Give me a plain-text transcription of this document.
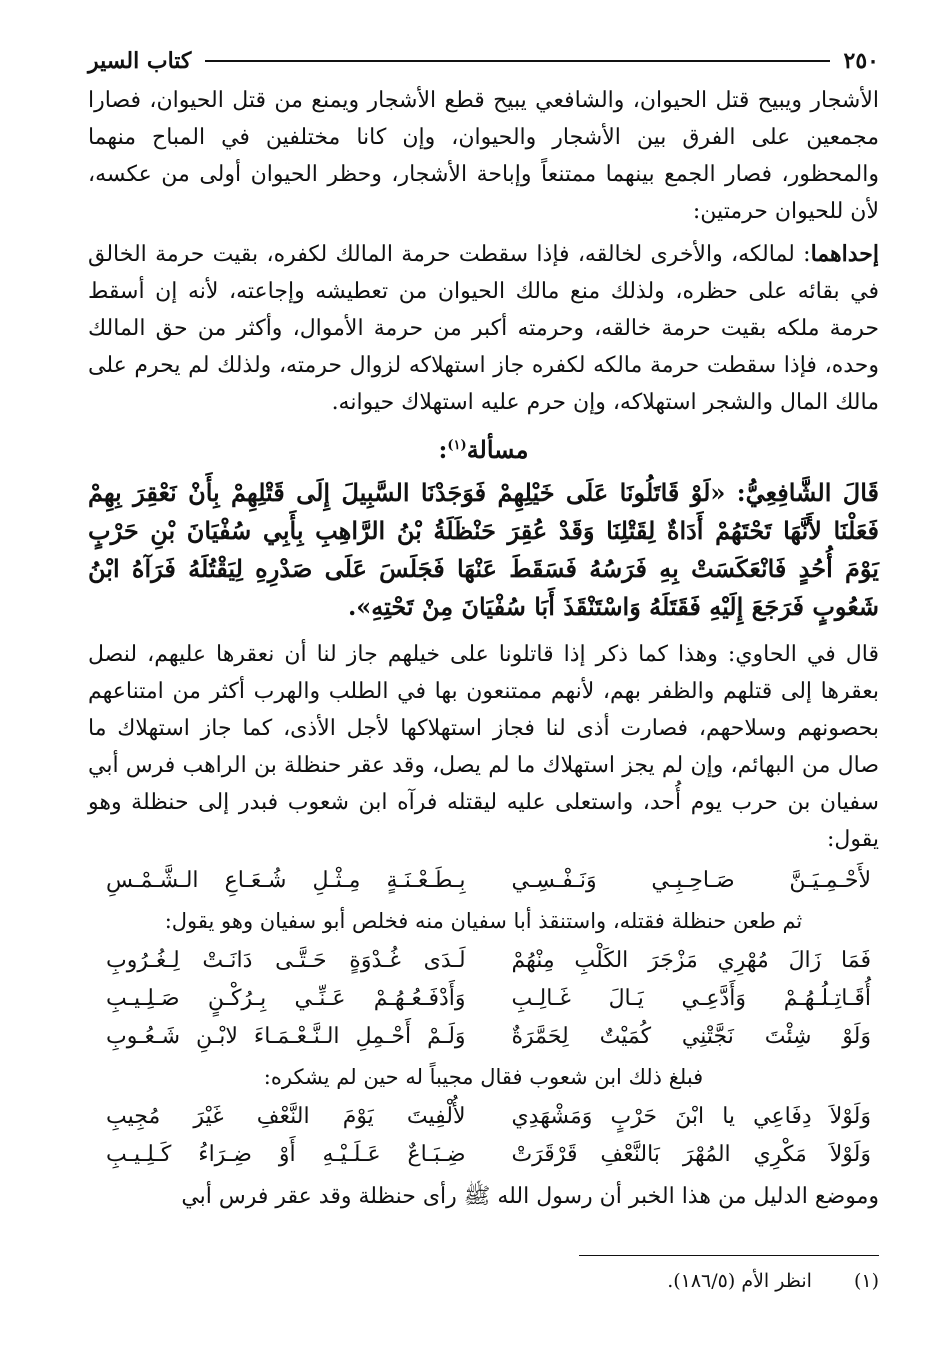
٢٥٠
كتاب السير

الأشجار ويبيح قتل الحيوان، والشافعي يبيح قطع الأشجار ويمنع من قتل الحيوان، فصارا مجمعين على الفرق بين الأشجار والحيوان، وإن كانا مختلفين في المباح منهما والمحظور، فصار الجمع بينهما ممتنعاً وإباحة الأشجار، وحظر الحيوان أولى من عكسه، لأن للحيوان حرمتين:

إحداهما: لمالكه، والأخرى لخالقه، فإذا سقطت حرمة المالك لكفره، بقيت حرمة الخالق في بقائه على حظره، ولذلك منع مالك الحيوان من تعطيشه وإجاعته، لأنه إن أسقط حرمة ملكه بقيت حرمة خالقه، وحرمته أكبر من حرمة الأموال، وأكثر من حق المالك وحده، فإذا سقطت حرمة مالكه لكفره جاز استهلاكه لزوال حرمته، ولذلك لم يحرم على مالك المال والشجر استهلاكه، وإن حرم عليه استهلاك حيوانه.

مسألة$^{(١)}$:

قَالَ الشَّافِعِيُّ: «لَوْ قَاتَلُونَا عَلَى خَيْلِهِمْ فَوَجَدْنَا السَّبِيلَ إِلَى قَتْلِهِمْ بِأَنْ نَعْقِرَ بِهِمْ فَعَلْنَا لأَنَّهَا تَحْتَهُمْ أَدَاةٌ لِقَتْلِنَا وَقَدْ عُقِرَ حَنْظَلَةُ بْنُ الرَّاهِبِ بِأَبِي سُفْيَانَ بْنِ حَرْبٍ يَوْمَ أُحُدٍ فَانْعَكَسَتْ بِهِ فَرَسُهُ فَسَقَطَ عَنْهَا فَجَلَسَ عَلَى صَدْرِهِ لِيَقْتُلَهُ فَرَآهُ ابْنُ شَعُوبٍ فَرَجَعَ إِلَيْهِ فَقَتَلَهُ وَاسْتَنْقَذَ أَبَا سُفْيَانَ مِنْ تَحْتِهِ».

قال في الحاوي: وهذا كما ذكر إذا قاتلونا على خيلهم جاز لنا أن نعقرها عليهم، لنصل بعقرها إلى قتلهم والظفر بهم، لأنهم ممتنعون بها في الطلب والهرب أكثر من امتناعهم بحصونهم وسلاحهم، فصارت أذى لنا فجاز استهلاكها لأجل الأذى، كما جاز استهلاك ما صال من البهائم، وإن لم يجز استهلاك ما لم يصل، وقد عقر حنظلة بن الراهب فرس أبي سفيان بن حرب يوم أُحد، واستعلى عليه ليقتله فرآه ابن شعوب فبدر إلى حنظلة وهو يقول:

لأَحْـمِـيَـنَّ صَـاحِـبِـي وَنَـفْـسِـي
بِـطَـعْـنَـةٍ مِـثْـلِ شُـعَـاعِ الـشَّـمْـسِ

ثم طعن حنظلة فقتله، واستنقذ أبا سفيان منه فخلص أبو سفيان وهو يقول:

فَمَا زَالَ مُهْرِي مَزْجَرَ الكَلْبِ مِنْهُمْ
لَـدَى غُـدْوَةٍ حَـتَّـى دَانَـتْ لِـغُـرُوبِ
أُقَـاتِـلُـهُـمْ وَأَدَّعِـي يَـالَ غَـالِـبِ
وَأَدْفَـعُـهُـمْ عَـنِّـي بِـرُكْـنٍ صَـلِـيـبِ
وَلَوْ شِئْتَ نَجَّتْنِي كُمَيْتٌ لِحَمَّرَةٌ
وَلَـمْ أَحْـمِلِ الـنَّـعْـمَـاءَ لابْـنِ شَـعُـوبِ

فبلغ ذلك ابن شعوب فقال مجيباً له حين لم يشكره:

وَلَوْلاَ دِفَاعِي يا ابْنَ حَرْبٍ وَمَشْهَدِي
لأُلْفِيتَ يَوْمَ النَّعْفِ غَيْرَ مُجِيبِ
وَلَوْلاَ مَكْرِي المُهْرَ بَالنَّعْفِ قَرْقَرَتْ
ضِـبَـاعٌ عَـلَـيْـهِ أَوْ ضِـرَاءُ كَـلِـيـبِ

وموضع الدليل من هذا الخبر أن رسول الله ﷺ رأى حنظلة وقد عقر فرس أبي

(١) انظر الأم (١٨٦/٥).
